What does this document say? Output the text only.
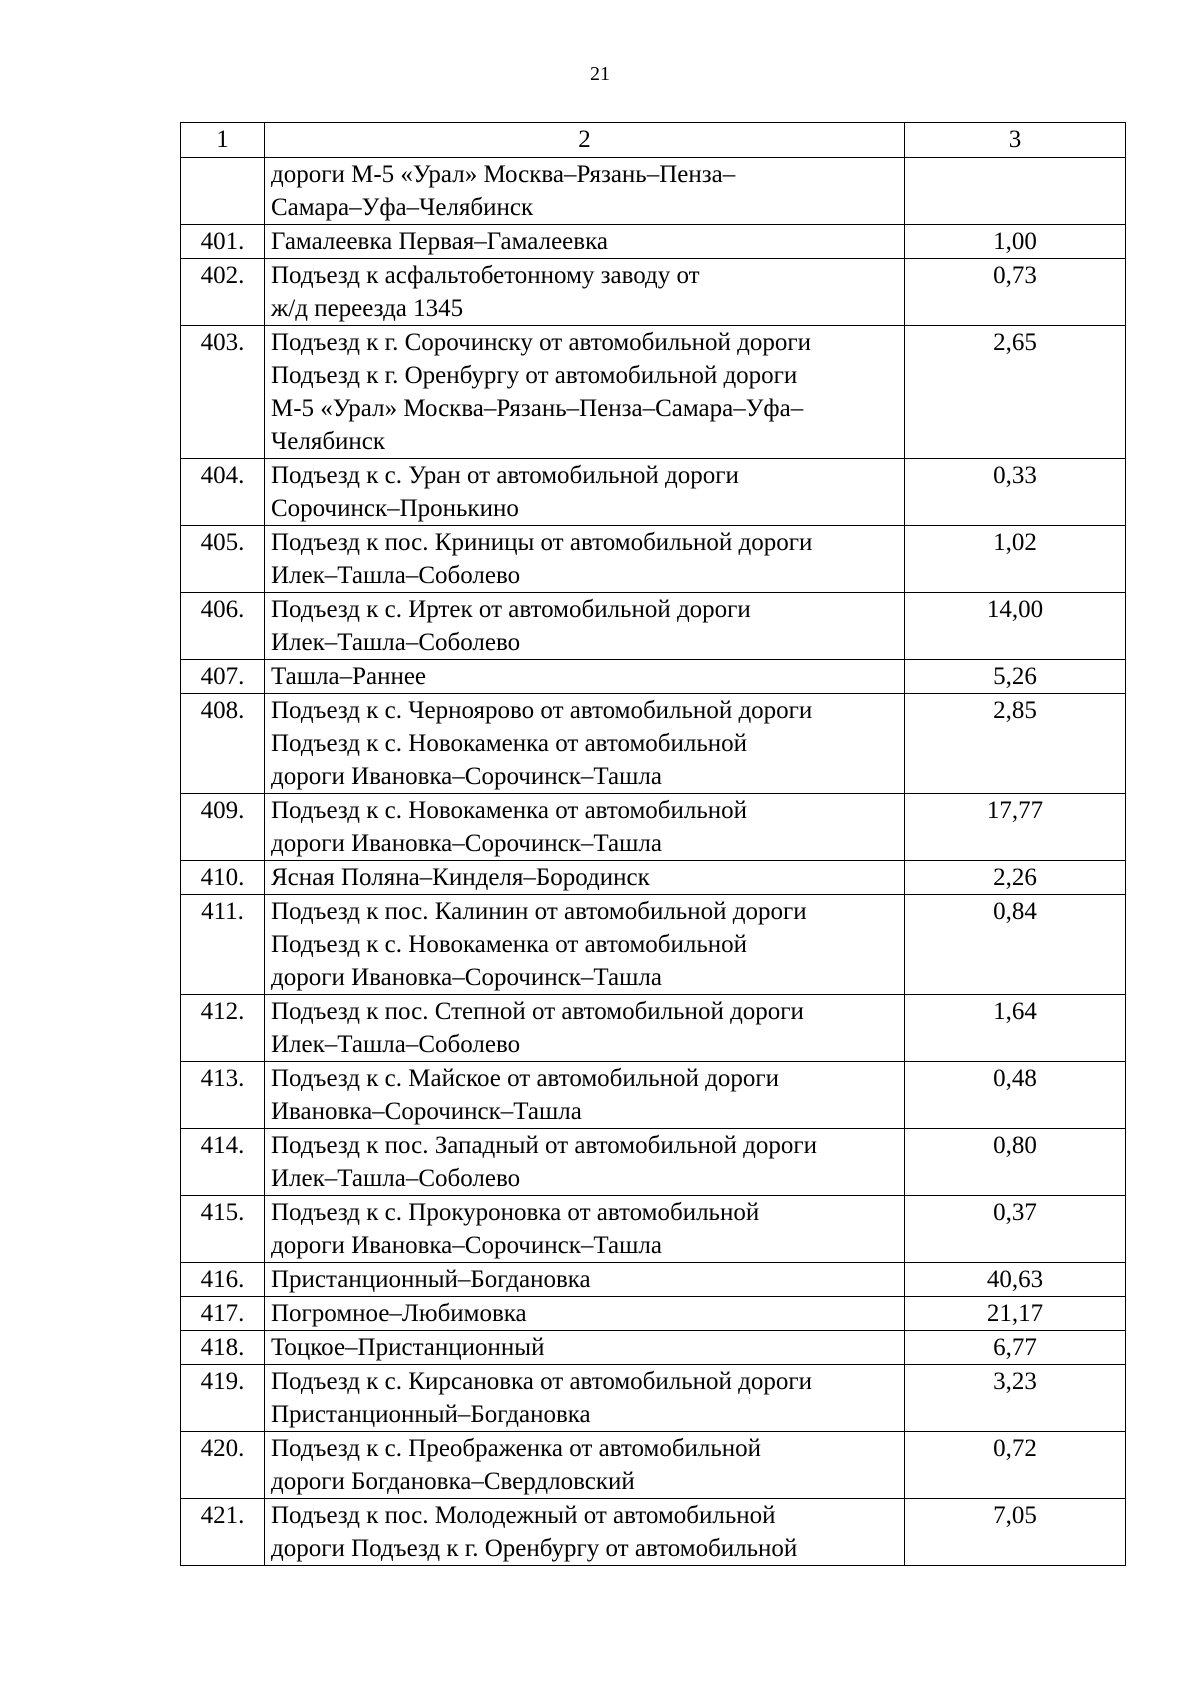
21
1	2	3

	дороги М-5 «Урал» Москва–Рязань–Пенза–
Самара–Уфа–Челябинск	

401.	Гамалеевка Первая–Гамалеевка	1,00
402.	Подъезд к асфальтобетонному заводу от
ж/д переезда 1345	0,73
403.	Подъезд к г. Сорочинску от автомобильной дороги
Подъезд к г. Оренбургу от автомобильной дороги
М-5 «Урал» Москва–Рязань–Пенза–Самара–Уфа–
Челябинск	2,65
404.	Подъезд к с. Уран от автомобильной дороги
Сорочинск–Пронькино	0,33
405.	Подъезд к пос. Криницы от автомобильной дороги
Илек–Ташла–Соболево	1,02
406.	Подъезд к с. Иртек от автомобильной дороги
Илек–Ташла–Соболево	14,00
407.	Ташла–Раннее	5,26
408.	Подъезд к с. Черноярово от автомобильной дороги
Подъезд к с. Новокаменка от автомобильной
дороги Ивановка–Сорочинск–Ташла	2,85
409.	Подъезд к с. Новокаменка от автомобильной
дороги Ивановка–Сорочинск–Ташла	17,77
410.	Ясная Поляна–Кинделя–Бородинск	2,26
411.	Подъезд к пос. Калинин от автомобильной дороги
Подъезд к с. Новокаменка от автомобильной
дороги Ивановка–Сорочинск–Ташла	0,84
412.	Подъезд к пос. Степной от автомобильной дороги
Илек–Ташла–Соболево	1,64
413.	Подъезд к с. Майское от автомобильной дороги
Ивановка–Сорочинск–Ташла	0,48
414.	Подъезд к пос. Западный от автомобильной дороги
Илек–Ташла–Соболево	0,80
415.	Подъезд к с. Прокуроновка от автомобильной
дороги Ивановка–Сорочинск–Ташла	0,37
416.	Пристанционный–Богдановка	40,63
417.	Погромное–Любимовка	21,17
418.	Тоцкое–Пристанционный	6,77
419.	Подъезд к с. Кирсановка от автомобильной дороги
Пристанционный–Богдановка	3,23
420.	Подъезд к с. Преображенка от автомобильной
дороги Богдановка–Свердловский	0,72
421.	Подъезд к пос. Молодежный от автомобильной
дороги Подъезд к г. Оренбургу от автомобильной	7,05
